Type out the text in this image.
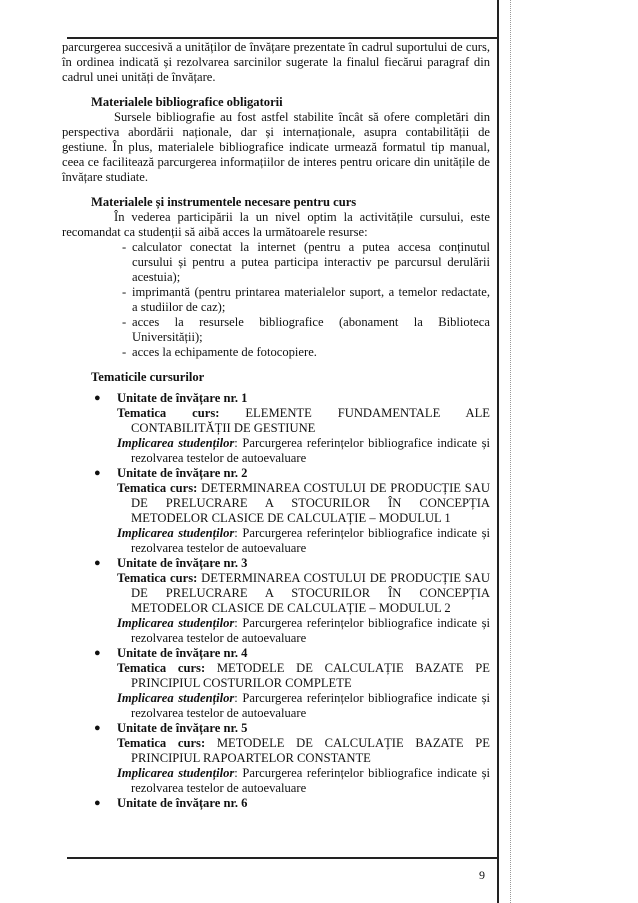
parcurgerea succesivă a unităților de învățare prezentate în cadrul suportului de curs, în ordinea indicată și rezolvarea sarcinilor sugerate la finalul fiecărui paragraf din cadrul unei unități de învățare.

Materialele bibliografice obligatorii

Sursele bibliografie au fost astfel stabilite încât să ofere completări din perspectiva abordării naționale, dar și internaționale, asupra contabilității de gestiune. În plus, materialele bibliografice indicate urmează formatul tip manual, ceea ce facilitează parcurgerea informațiilor de interes pentru oricare din unitățile de învățare studiate.

Materialele și instrumentele necesare pentru curs

În vederea participării la un nivel optim la activitățile cursului, este recomandat ca studenții să aibă acces la următoarele resurse:

- calculator conectat la internet (pentru a putea accesa conținutul cursului și pentru a putea participa interactiv pe parcursul derulării acestuia);
- imprimantă (pentru printarea materialelor suport, a temelor redactate, a studiilor de caz);
- acces la resursele bibliografice (abonament la Biblioteca Universității);
- acces la echipamente de fotocopiere.

Tematicile cursurilor

● Unitate de învățare nr. 1
Tematica curs: ELEMENTE FUNDAMENTALE ALE CONTABILITĂȚII DE GESTIUNE
Implicarea studenților: Parcurgerea referințelor bibliografice indicate și rezolvarea testelor de autoevaluare
● Unitate de învățare nr. 2
Tematica curs: DETERMINAREA COSTULUI DE PRODUCȚIE SAU DE PRELUCRARE A STOCURILOR ÎN CONCEPȚIA METODELOR CLASICE DE CALCULAȚIE – MODULUL 1
Implicarea studenților: Parcurgerea referințelor bibliografice indicate și rezolvarea testelor de autoevaluare
● Unitate de învățare nr. 3
Tematica curs: DETERMINAREA COSTULUI DE PRODUCȚIE SAU DE PRELUCRARE A STOCURILOR ÎN CONCEPȚIA METODELOR CLASICE DE CALCULAȚIE – MODULUL 2
Implicarea studenților: Parcurgerea referințelor bibliografice indicate și rezolvarea testelor de autoevaluare
● Unitate de învățare nr. 4
Tematica curs: METODELE DE CALCULAȚIE BAZATE PE PRINCIPIUL COSTURILOR COMPLETE
Implicarea studenților: Parcurgerea referințelor bibliografice indicate și rezolvarea testelor de autoevaluare
● Unitate de învățare nr. 5
Tematica curs: METODELE DE CALCULAȚIE BAZATE PE PRINCIPIUL RAPOARTELOR CONSTANTE
Implicarea studenților: Parcurgerea referințelor bibliografice indicate și rezolvarea testelor de autoevaluare
● Unitate de învățare nr. 6
9
